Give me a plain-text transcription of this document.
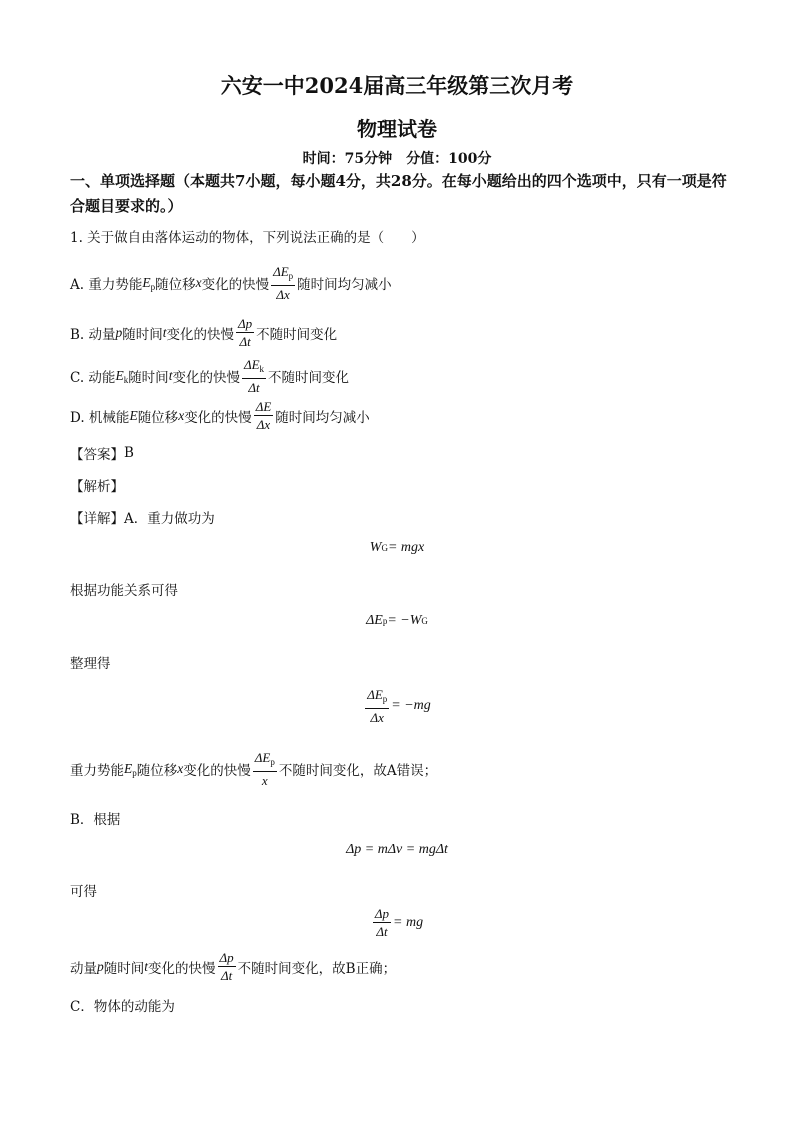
六安一中2024届高三年级第三次月考
物理试卷
时间：75分钟　分值：100分
一、单项选择题（本题共7小题，每小题4分，共28分。在每小题给出的四个选项中，只有一项是符合题目要求的。）
1. 关于做自由落体运动的物体，下列说法正确的是（　　）
A. 重力势能 $E_p$ 随位移 x 变化的快慢 $\frac{\Delta E_p}{\Delta x}$ 随时间均匀减小
B. 动量 p 随时间 t 变化的快慢 $\frac{\Delta p}{\Delta t}$ 不随时间变化
C. 动能 $E_k$ 随时间 t 变化的快慢 $\frac{\Delta E_k}{\Delta t}$ 不随时间变化
D. 机械能 E 随位移 x 变化的快慢 $\frac{\Delta E}{\Delta x}$ 随时间均匀减小
【答案】 B
【解析】
【详解】 A．重力做功为
W G = mgx
根据功能关系可得
ΔE p = −W G
整理得
$\frac{\Delta E_p}{\Delta x} = -mg$
重力势能 $E_p$ 随位移 x 变化的快慢 $\frac{\Delta E_p}{x}$ 不随时间变化，故A错误；
B．根据
Δp = mΔv = mgΔt
可得
$\frac{\Delta p}{\Delta t}$ = mg
动量 p 随时间 t 变化的快慢 $\frac{\Delta p}{\Delta t}$ 不随时间变化，故B正确；
C．物体的动能为
